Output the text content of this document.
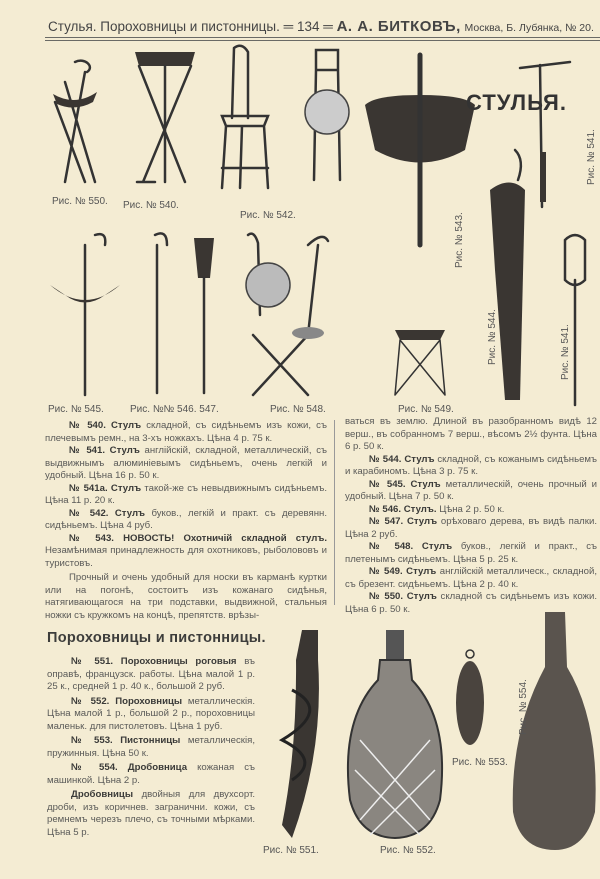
Стулья. Пороховницы и пистонницы. ═ 134 ═ А. А. БИТКОВЪ, Москва, Б. Лубянка, № 20.
СТУЛЬЯ.
Рис. № 550. Рис. № 540.
Рис. № 542.	Рис. № 543.
Рис. № 541.
Рис. № 544.	Рис. № 541.
Рис. № 545.	Рис. №№ 546. 547.	Рис. № 548.	Рис. № 549.

№ 540. Стулъ складной, съ сидѣньемъ изъ кожи, съ плечевымъ ремн., на 3-хъ ножкахъ. Цѣна 4 р. 75 к.

№ 541. Стулъ англійскій, складной, металлическій, съ выдвижнымъ алюминіевымъ сидѣньемъ, очень легкій и удобный. Цѣна 16 р. 50 к.

№ 541а. Стулъ такой-же съ невыдвижнымъ сидѣньемъ. Цѣна 11 р. 20 к.

№ 542. Стулъ буков., легкій и практ. съ деревянн. сидѣньемъ. Цѣна 4 руб.

№ 543. НОВОСТЬ! Охотничій складной стулъ. Незамѣнимая принадлежность для охотниковъ, рыболововъ и туристовъ.

Прочный и очень удобный для носки въ карманѣ куртки или на погонѣ, состоитъ изъ кожанаго сидѣнья, натягивающагося на три подставки, выдвижной, стальныя ножки съ кружкомъ на концѣ, препятств. врѣзы-

ваться въ землю. Длиной въ разобранномъ видѣ 12 верш., въ собранномъ 7 верш., вѣсомъ 2½ фунта. Цѣна 6 р. 50 к.

№ 544. Стулъ складной, съ кожанымъ сидѣньемъ и карабиномъ. Цѣна 3 р. 75 к.

№ 545. Стулъ металлическій, очень прочный и удобный. Цѣна 7 р. 50 к.

№ 546. Стулъ. Цѣна 2 р. 50 к.

№ 547. Стулъ орѣховаго дерева, въ видѣ палки. Цѣна 2 руб.

№ 548. Стулъ буков., легкій и практ., съ плетенымъ сидѣньемъ. Цѣна 5 р. 25 к.

№ 549. Стулъ англійскій металлическ., складной, съ брезент. сидѣньемъ. Цѣна 2 р. 40 к.

№ 550. Стулъ складной съ сидѣньемъ изъ кожи. Цѣна 6 р. 50 к.

Пороховницы и пистонницы.

№ 551. Пороховницы роговыя въ оправѣ, французск. работы. Цѣна малой 1 р. 25 к., средней 1 р. 40 к., большой 2 руб.

№ 552. Пороховницы металлическія. Цѣна малой 1 р., большой 2 р., пороховницы маленьк. для пистолетовъ. Цѣна 1 руб.

№ 553. Пистонницы металлическія, пружинныя. Цѣна 50 к.

№ 554. Дробовница кожаная съ машинкой. Цѣна 2 р.

Дробовницы двойныя для двухсорт. дроби, изъ коричнев. загранични. кожи, съ ремнемъ черезъ плечо, съ точными мѣрками. Цѣна 5 р.

Рис. № 551.	Рис. № 552.
Рис. № 553.
Рис. № 554.
